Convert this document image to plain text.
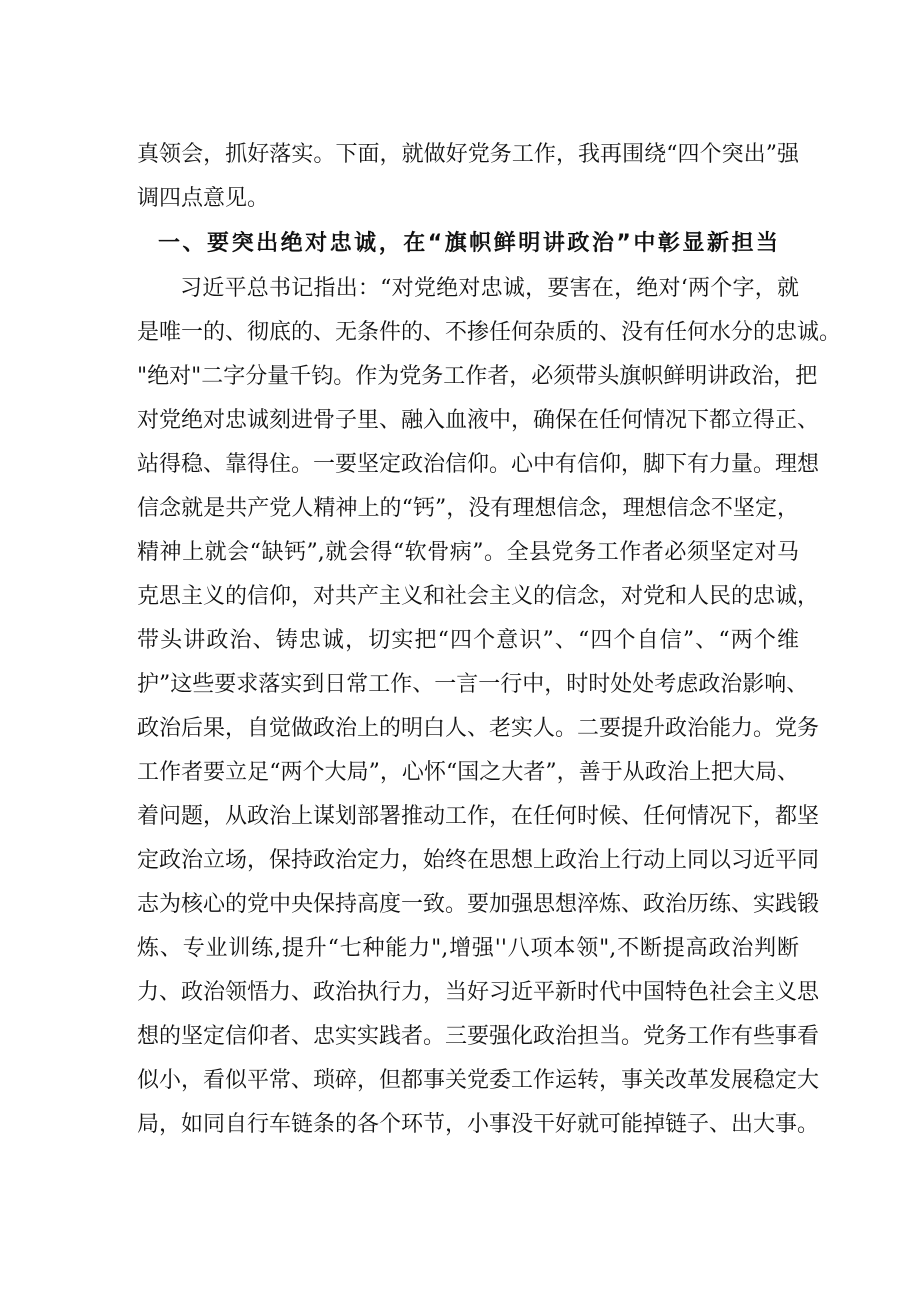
真领会，抓好落实。下面，就做好党务工作，我再围绕“四个突出”强
调四点意见。
一、要突出绝对忠诚，在“旗帜鲜明讲政治”中彰显新担当
习近平总书记指出：“对党绝对忠诚，要害在，绝对‘两个字，就
是唯一的、彻底的、无条件的、不掺任何杂质的、没有任何水分的忠诚。
"绝对"二字分量千钧。作为党务工作者，必须带头旗帜鲜明讲政治，把
对党绝对忠诚刻进骨子里、融入血液中，确保在任何情况下都立得正、
站得稳、靠得住。一要坚定政治信仰。心中有信仰，脚下有力量。理想
信念就是共产党人精神上的“钙”，没有理想信念，理想信念不坚定，
精神上就会“缺钙”,就会得“软骨病”。全县党务工作者必须坚定对马
克思主义的信仰，对共产主义和社会主义的信念，对党和人民的忠诚，
带头讲政治、铸忠诚，切实把“四个意识”、“四个自信”、“两个维
护”这些要求落实到日常工作、一言一行中，时时处处考虑政治影响、
政治后果，自觉做政治上的明白人、老实人。二要提升政治能力。党务
工作者要立足“两个大局”，心怀“国之大者”，善于从政治上把大局、
着问题，从政治上谋划部署推动工作，在任何时候、任何情况下，都坚
定政治立场，保持政治定力，始终在思想上政治上行动上同以习近平同
志为核心的党中央保持高度一致。要加强思想淬炼、政治历练、实践锻
炼、专业训练,提升“七种能力",增强''八项本领",不断提高政治判断
力、政治领悟力、政治执行力，当好习近平新时代中国特色社会主义思
想的坚定信仰者、忠实实践者。三要强化政治担当。党务工作有些事看
似小，看似平常、琐碎，但都事关党委工作运转，事关改革发展稳定大
局，如同自行车链条的各个环节，小事没干好就可能掉链子、出大事。
